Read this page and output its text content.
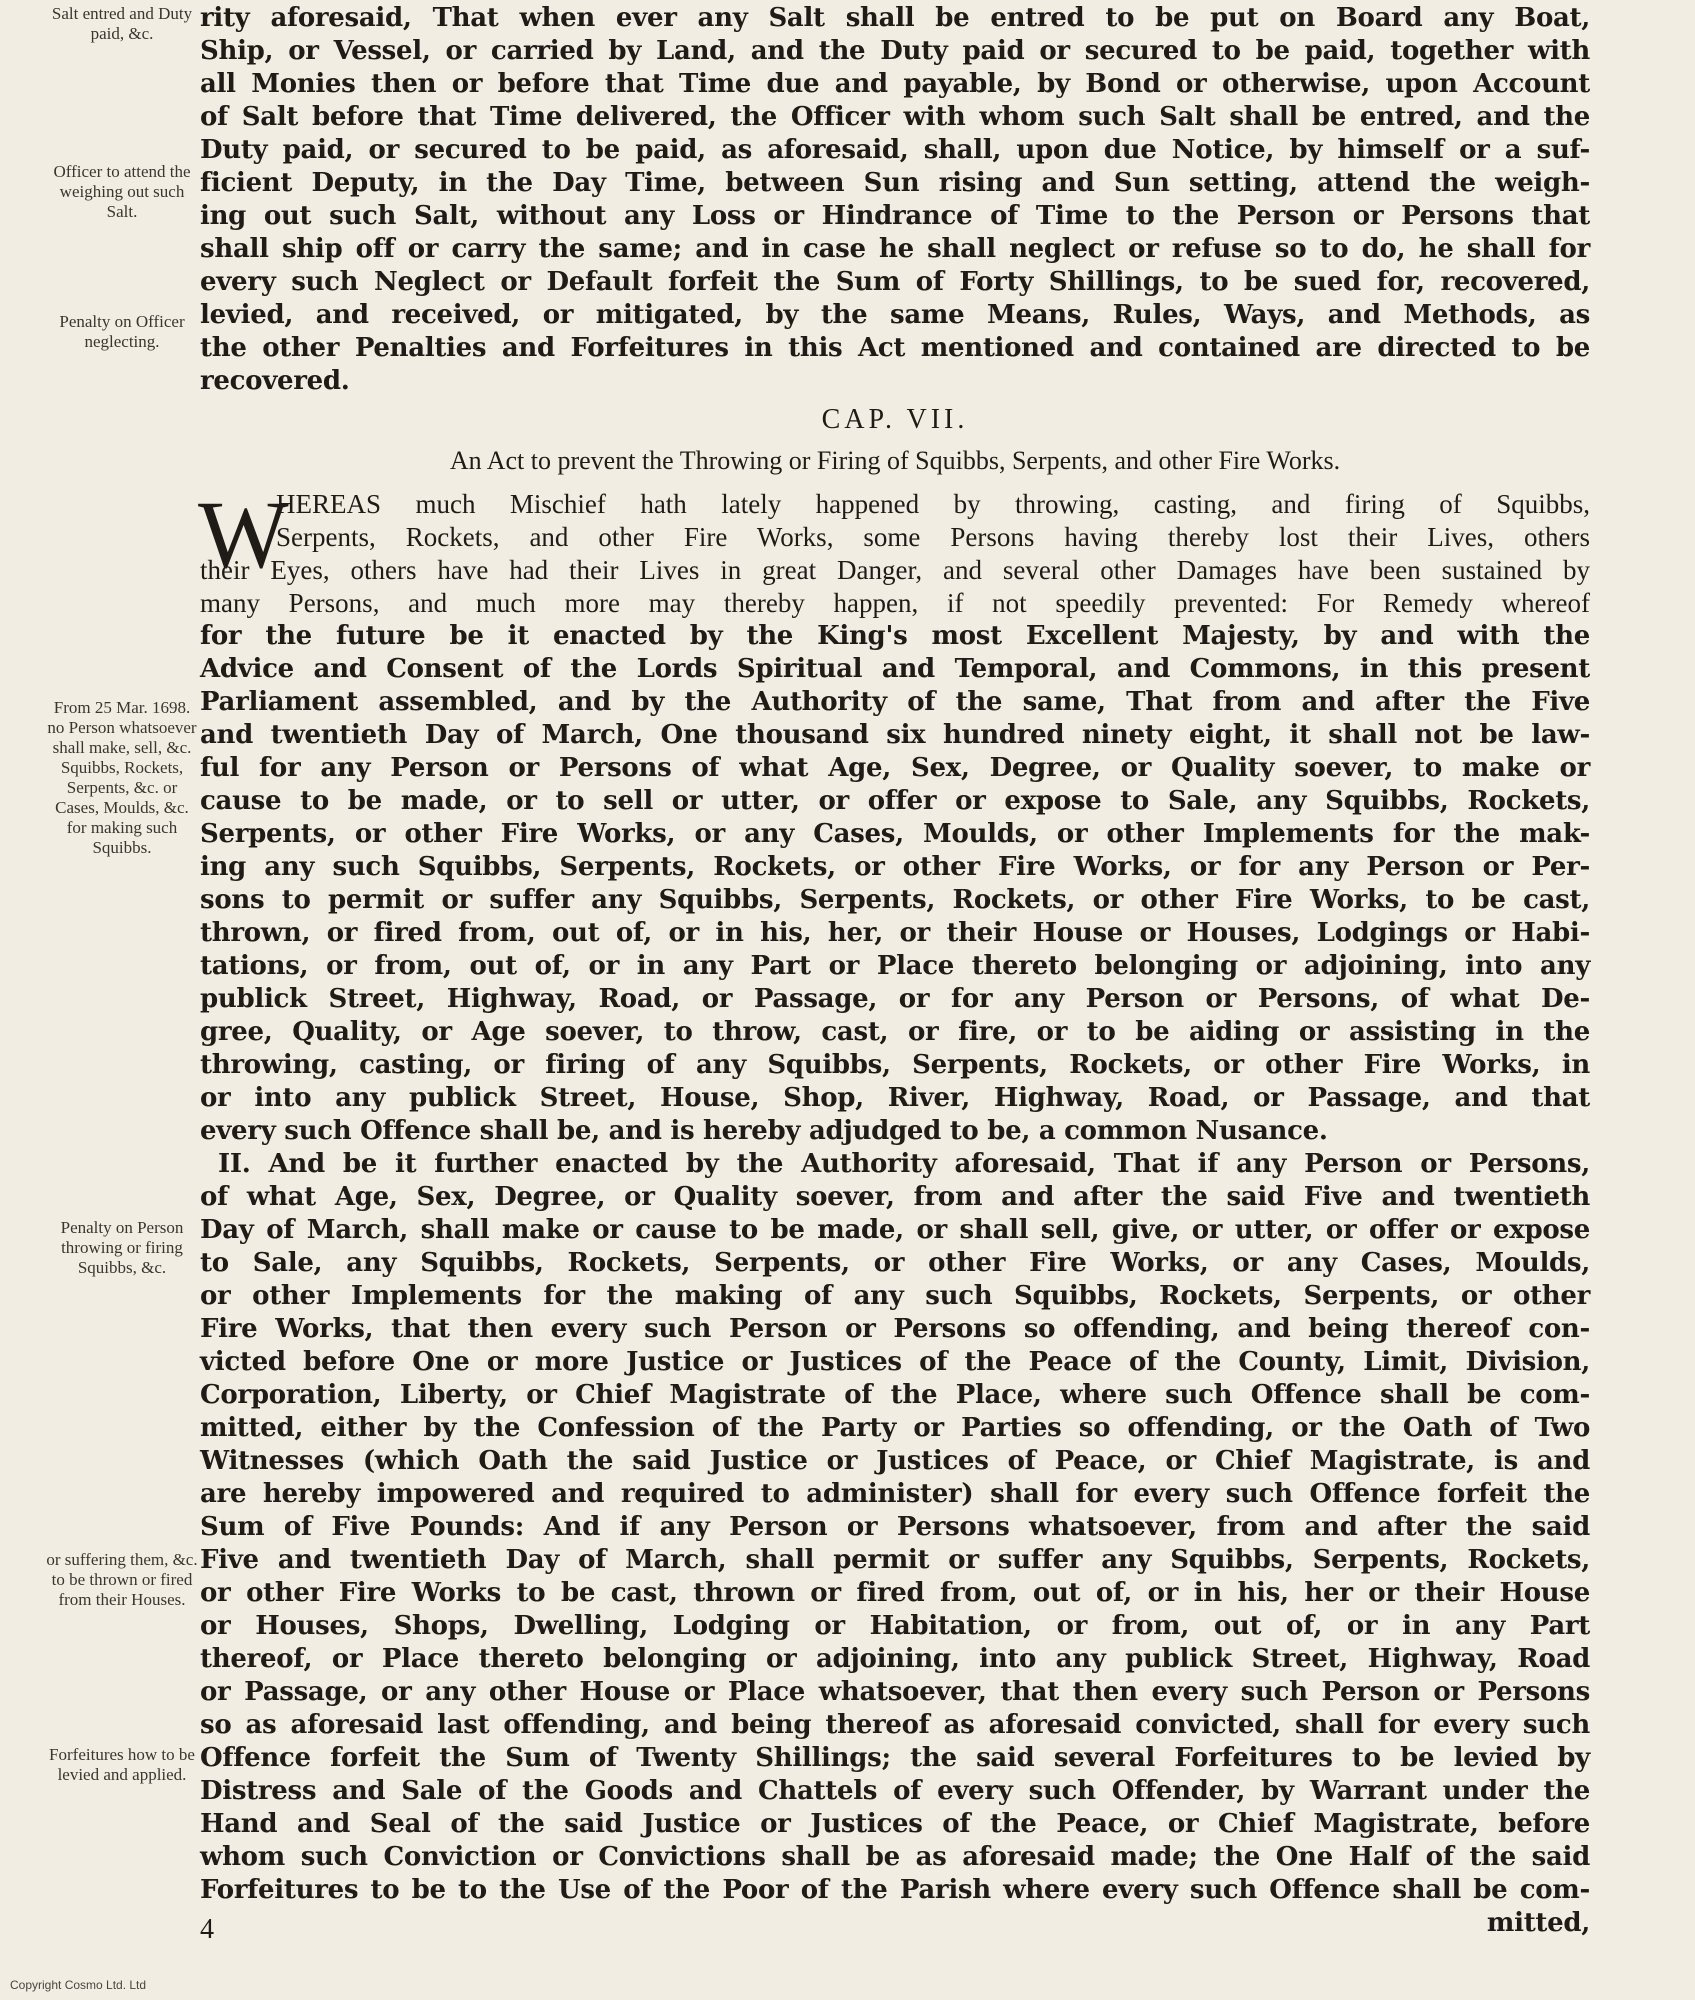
Salt entred and Duty paid, &c.
Officer to attend the weighing out such Salt.
Penalty on Officer neglecting.
From 25 Mar. 1698. no Person whatsoever shall make, sell, &c. Squibbs, Rockets, Serpents, &c. or Cases, Moulds, &c. for making such Squibbs.
Penalty on Person throwing or firing Squibbs, &c.
or suffering them, &c. to be thrown or fired from their Houses.
Forfeitures how to be levied and applied.
rity aforesaid, That when ever any Salt shall be entred to be put on Board any Boat,
Ship, or Vessel, or carried by Land, and the Duty paid or secured to be paid, together with
all Monies then or before that Time due and payable, by Bond or otherwise, upon Account
of Salt before that Time delivered, the Officer with whom such Salt shall be entred, and the
Duty paid, or secured to be paid, as aforesaid, shall, upon due Notice, by himself or a suf-
ficient Deputy, in the Day Time, between Sun rising and Sun setting, attend the weigh-
ing out such Salt, without any Loss or Hindrance of Time to the Person or Persons that
shall ship off or carry the same; and in case he shall neglect or refuse so to do, he shall for
every such Neglect or Default forfeit the Sum of Forty Shillings, to be sued for, recovered,
levied, and received, or mitigated, by the same Means, Rules, Ways, and Methods, as
the other Penalties and Forfeitures in this Act mentioned and contained are directed to be
recovered.
CAP. VII.
An Act to prevent the Throwing or Firing of Squibbs, Serpents, and other Fire Works.
W
HEREAS much Mischief hath lately happened by throwing, casting, and firing of Squibbs,
Serpents, Rockets, and other Fire Works, some Persons having thereby lost their Lives, others
their Eyes, others have had their Lives in great Danger, and several other Damages have been sustained by
many Persons, and much more may thereby happen, if not speedily prevented: For Remedy whereof
for the future be it enacted by the King's most Excellent Majesty, by and with the
Advice and Consent of the Lords Spiritual and Temporal, and Commons, in this present
Parliament assembled, and by the Authority of the same, That from and after the Five
and twentieth Day of March, One thousand six hundred ninety eight, it shall not be law-
ful for any Person or Persons of what Age, Sex, Degree, or Quality soever, to make or
cause to be made, or to sell or utter, or offer or expose to Sale, any Squibbs, Rockets,
Serpents, or other Fire Works, or any Cases, Moulds, or other Implements for the mak-
ing any such Squibbs, Serpents, Rockets, or other Fire Works, or for any Person or Per-
sons to permit or suffer any Squibbs, Serpents, Rockets, or other Fire Works, to be cast,
thrown, or fired from, out of, or in his, her, or their House or Houses, Lodgings or Habi-
tations, or from, out of, or in any Part or Place thereto belonging or adjoining, into any
publick Street, Highway, Road, or Passage, or for any Person or Persons, of what De-
gree, Quality, or Age soever, to throw, cast, or fire, or to be aiding or assisting in the
throwing, casting, or firing of any Squibbs, Serpents, Rockets, or other Fire Works, in
or into any publick Street, House, Shop, River, Highway, Road, or Passage, and that
every such Offence shall be, and is hereby adjudged to be, a common Nusance.
II. And be it further enacted by the Authority aforesaid, That if any Person or Persons,
of what Age, Sex, Degree, or Quality soever, from and after the said Five and twentieth
Day of March, shall make or cause to be made, or shall sell, give, or utter, or offer or expose
to Sale, any Squibbs, Rockets, Serpents, or other Fire Works, or any Cases, Moulds,
or other Implements for the making of any such Squibbs, Rockets, Serpents, or other
Fire Works, that then every such Person or Persons so offending, and being thereof con-
victed before One or more Justice or Justices of the Peace of the County, Limit, Division,
Corporation, Liberty, or Chief Magistrate of the Place, where such Offence shall be com-
mitted, either by the Confession of the Party or Parties so offending, or the Oath of Two
Witnesses (which Oath the said Justice or Justices of Peace, or Chief Magistrate, is and
are hereby impowered and required to administer) shall for every such Offence forfeit the
Sum of Five Pounds: And if any Person or Persons whatsoever, from and after the said
Five and twentieth Day of March, shall permit or suffer any Squibbs, Serpents, Rockets,
or other Fire Works to be cast, thrown or fired from, out of, or in his, her or their House
or Houses, Shops, Dwelling, Lodging or Habitation, or from, out of, or in any Part
thereof, or Place thereto belonging or adjoining, into any publick Street, Highway, Road
or Passage, or any other House or Place whatsoever, that then every such Person or Persons
so as aforesaid last offending, and being thereof as aforesaid convicted, shall for every such
Offence forfeit the Sum of Twenty Shillings; the said several Forfeitures to be levied by
Distress and Sale of the Goods and Chattels of every such Offender, by Warrant under the
Hand and Seal of the said Justice or Justices of the Peace, or Chief Magistrate, before
whom such Conviction or Convictions shall be as aforesaid made; the One Half of the said
Forfeitures to be to the Use of the Poor of the Parish where every such Offence shall be com-
mitted,
4
Copyright Cosmo Ltd. Ltd
